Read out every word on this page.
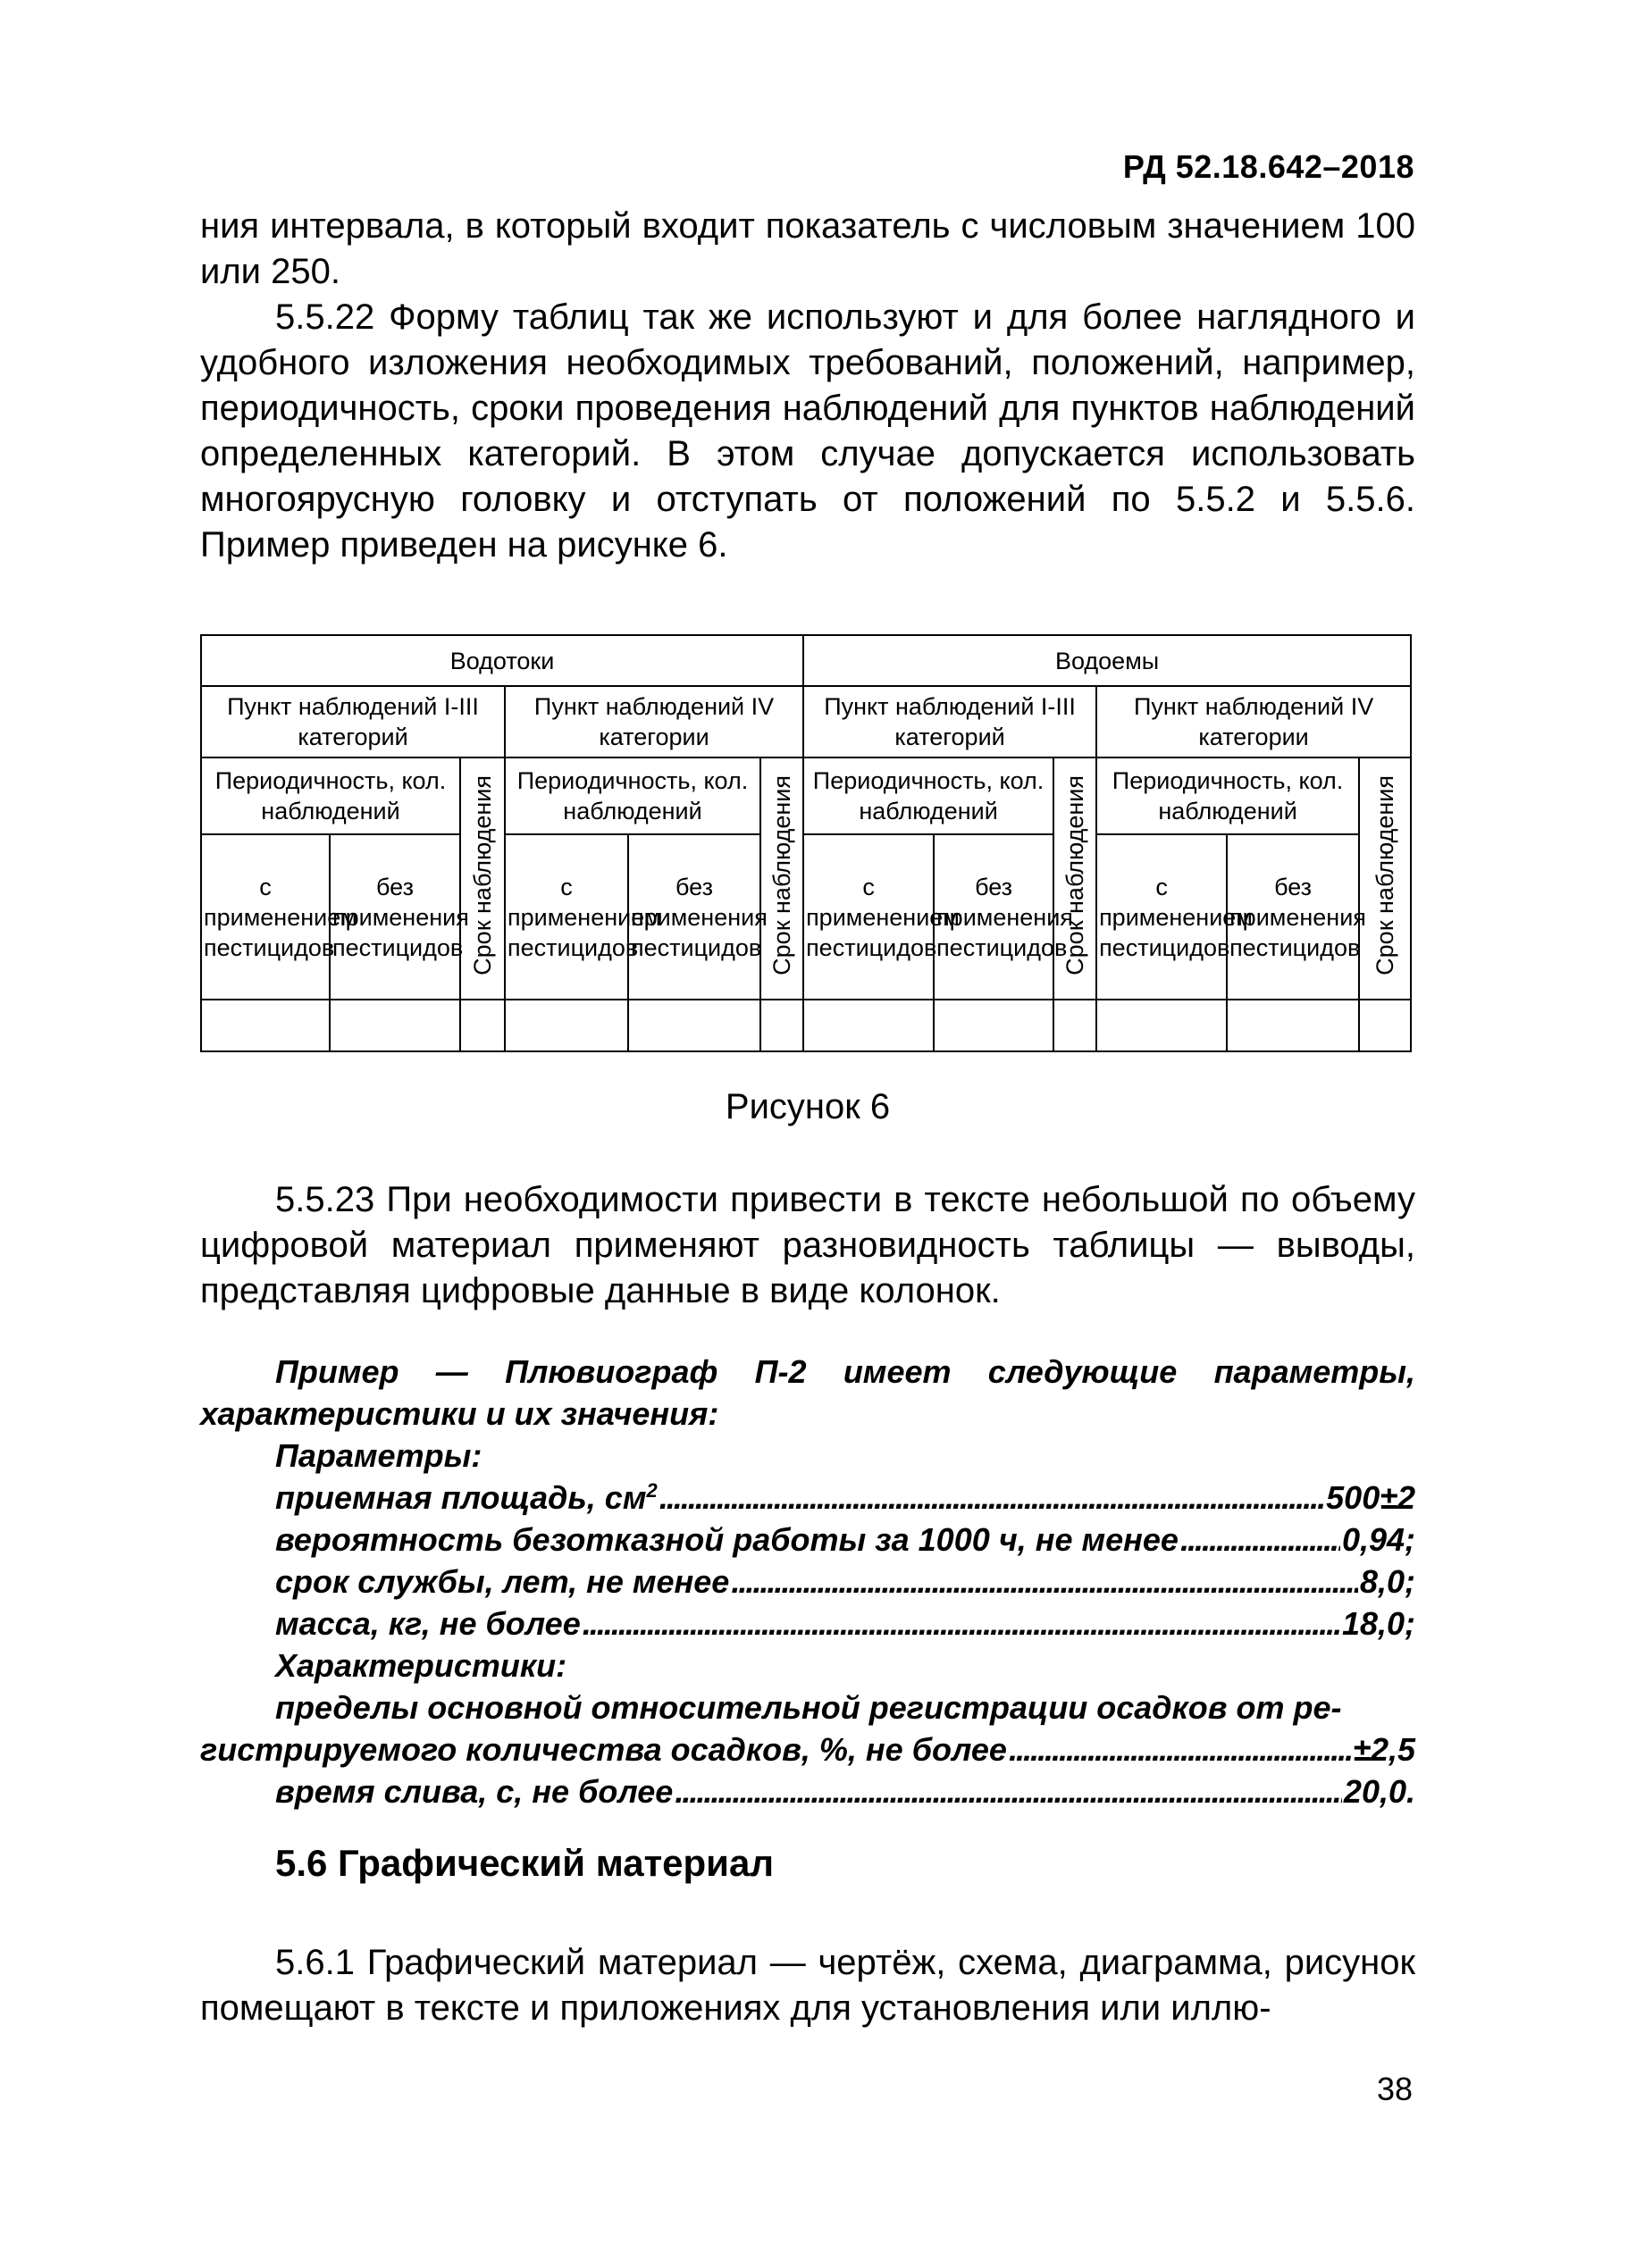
РД 52.18.642–2018

ния интервала, в который входит показатель с числовым значением 100 или 250.

5.5.22 Форму таблиц так же используют и для более наглядного и удобного изложения необходимых требований, положений, например, периодичность, сроки проведения наблюдений для пунктов наблюдений определенных категорий. В этом случае допускается использовать многоярусную головку и отступать от положений по 5.5.2 и 5.5.6. Пример приведен на рисунке 6.

Водотоки						Водоемы					
Пункт наблюдений I-III категорий			Пункт наблюдений IV категории			Пункт наблюдений I-III категорий			Пункт наблюдений IV категории		
Периодичность, кол. наблюдений		Срок наблюдения	Периодичность, кол. наблюдений		Срок наблюдения	Периодичность, кол. наблюдений		Срок наблюдения	Периодичность, кол. наблюдений		Срок наблюдения
с применением пестицидов	без применения пестицидов		с применением пестицидов	без применения пестицидов		с применением пестицидов	без применения пестицидов		с применением пестицидов	без применения пестицидов	

Рисунок 6

5.5.23 При необходимости привести в тексте небольшой по объему цифровой материал применяют разновидность таблицы — выводы, представляя цифровые данные в виде колонок.

Пример — Плювиограф П-2 имеет следующие параметры, характеристики и их значения:

Параметры:

приемная площадь, $см^2$ . . .	500±2
вероятность безотказной работы за 1000 ч, не менее . . .	0,94;
срок службы, лет, не менее . . .	8,0;
масса, кг, не более . . .	18,0;

Характеристики:

пределы основной относительной регистрации осадков от ре-

гистрируемого количества осадков, %, не более . . .	±2,5
время слива, с, не более . . .	20,0.
5.6 Графический материал

5.6.1 Графический материал — чертёж, схема, диаграмма, рисунок помещают в тексте и приложениях для установления или иллю-

38
